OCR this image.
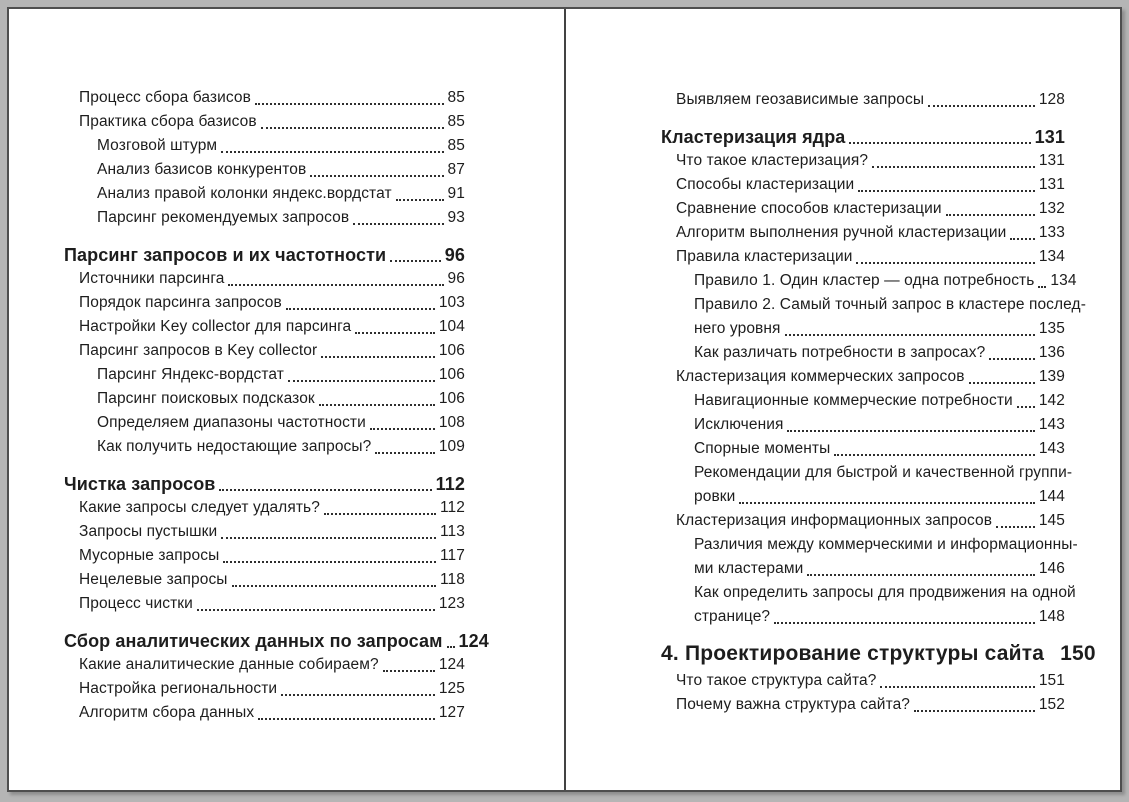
Процесс сбора базисов	85
Практика сбора базисов	85
Мозговой штурм	85
Анализ базисов конкурентов	87
Анализ правой колонки яндекс.вордстат	91
Парсинг рекомендуемых запросов	93
Парсинг запросов и их частотности	96
Источники парсинга	96
Порядок парсинга запросов	103
Настройки Key collector для парсинга	104
Парсинг запросов в Key collector	106
Парсинг Яндекс-вордстат	106
Парсинг поисковых подсказок	106
Определяем диапазоны частотности	108
Как получить недостающие запросы?	109
Чистка запросов	112
Какие запросы следует удалять?	112
Запросы пустышки	113
Мусорные запросы	117
Нецелевые запросы	118
Процесс чистки	123
Сбор аналитических данных по запросам 124
Какие аналитические данные собираем?	124
Настройка региональности	125
Алгоритм сбора данных	127
Выявляем геозависимые запросы	128
Кластеризация ядра	131
Что такое кластеризация?	131
Способы кластеризации	131
Сравнение способов кластеризации	132
Алгоритм выполнения ручной кластеризации 133
Правила кластеризации	134
Правило 1. Один кластер — одна потребность 134
Правило 2. Самый точный запрос в кластере послед-
него уровня	135
Как различать потребности в запросах?	136
Кластеризация коммерческих запросов	139
Навигационные коммерческие потребности 142
Исключения	143
Спорные моменты	143
Рекомендации для быстрой и качественной группи-
ровки	144
Кластеризация информационных запросов	145
Различия между коммерческими и информационны-
ми кластерами	146
Как определить запросы для продвижения на одной
странице?	148
4. Проектирование структуры сайта 150
Что такое структура сайта?	151
Почему важна структура сайта?	152
